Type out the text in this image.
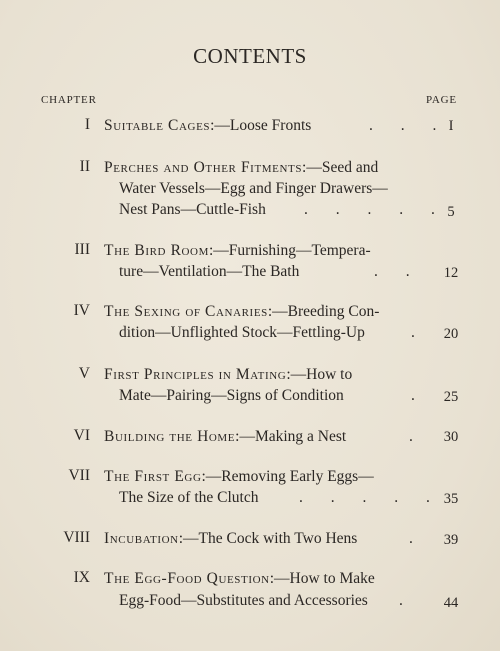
CONTENTS
CHAPTER	PAGE
I Suitable Cages:—Loose Fronts	. . . I
II Perches and Other Fitments:—Seed and
Water Vessels—Egg and Finger Drawers—
Nest Pans—Cuttle-Fish . . . . . 5
III The Bird Room:—Furnishing—Tempera-
ture—Ventilation—The Bath	. .	12
IV The Sexing of Canaries:—Breeding Con-
dition—Unflighted Stock—Fettling-Up	.	20
V First Principles in Mating:—How to
Mate—Pairing—Signs of Condition	.	25
VI Building the Home:—Making a Nest	.	30
VII The First Egg:—Removing Early Eggs—
The Size of the Clutch	. . . . . 35
VIII Incubation:—The Cock with Two Hens	.	39
IX The Egg-Food Question:—How to Make
Egg-Food—Substitutes and Accessories .	44
